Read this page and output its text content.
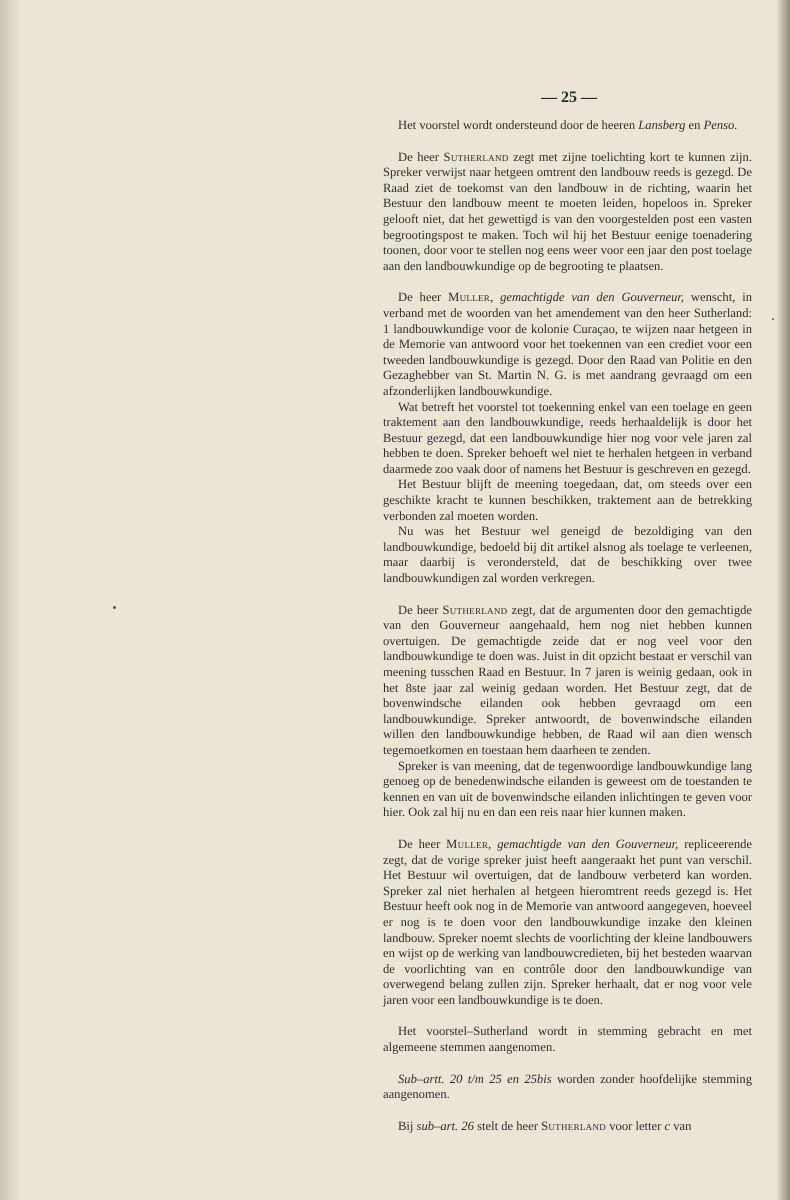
— 25 —

Het voorstel wordt ondersteund door de heeren Lansberg en Penso.

De heer Sutherland zegt met zijne toelichting kort te kunnen zijn. Spreker verwijst naar hetgeen omtrent den landbouw reeds is gezegd. De Raad ziet de toekomst van den landbouw in de richting, waarin het Bestuur den landbouw meent te moeten leiden, hopeloos in. Spreker gelooft niet, dat het gewettigd is van den voorgestelden post een vasten begrootingspost te maken. Toch wil hij het Bestuur eenige toenadering toonen, door voor te stellen nog eens weer voor een jaar den post toelage aan den landbouwkundige op de begrooting te plaatsen.

De heer Muller, gemachtigde van den Gouverneur, wenscht, in verband met de woorden van het amendement van den heer Sutherland: 1 landbouwkundige voor de kolonie Curaçao, te wijzen naar hetgeen in de Memorie van antwoord voor het toekennen van een crediet voor een tweeden landbouwkundige is gezegd. Door den Raad van Politie en den Gezaghebber van St. Martin N. G. is met aandrang gevraagd om een afzonderlijken landbouwkundige.

Wat betreft het voorstel tot toekenning enkel van een toelage en geen traktement aan den landbouwkundige, reeds herhaaldelijk is door het Bestuur gezegd, dat een landbouwkundige hier nog voor vele jaren zal hebben te doen. Spreker behoeft wel niet te herhalen hetgeen in verband daarmede zoo vaak door of namens het Bestuur is geschreven en gezegd.

Het Bestuur blijft de meening toegedaan, dat, om steeds over een geschikte kracht te kunnen beschikken, traktement aan de betrekking verbonden zal moeten worden.

Nu was het Bestuur wel geneigd de bezoldiging van den landbouwkundige, bedoeld bij dit artikel alsnog als toelage te verleenen, maar daarbij is verondersteld, dat de beschikking over twee landbouwkundigen zal worden verkregen.

De heer Sutherland zegt, dat de argumenten door den gemachtigde van den Gouverneur aangehaald, hem nog niet hebben kunnen overtuigen. De gemachtigde zeide dat er nog veel voor den landbouwkundige te doen was. Juist in dit opzicht bestaat er verschil van meening tusschen Raad en Bestuur. In 7 jaren is weinig gedaan, ook in het 8ste jaar zal weinig gedaan worden. Het Bestuur zegt, dat de bovenwindsche eilanden ook hebben gevraagd om een landbouwkundige. Spreker antwoordt, de bovenwindsche eilanden willen den landbouwkundige hebben, de Raad wil aan dien wensch tegemoetkomen en toestaan hem daarheen te zenden.

Spreker is van meening, dat de tegenwoordige landbouwkundige lang genoeg op de benedenwindsche eilanden is geweest om de toestanden te kennen en van uit de bovenwindsche eilanden inlichtingen te geven voor hier. Ook zal hij nu en dan een reis naar hier kunnen maken.

De heer Muller, gemachtigde van den Gouverneur, repliceerende zegt, dat de vorige spreker juist heeft aangeraakt het punt van verschil. Het Bestuur wil overtuigen, dat de landbouw verbeterd kan worden. Spreker zal niet herhalen al hetgeen hieromtrent reeds gezegd is. Het Bestuur heeft ook nog in de Memorie van antwoord aangegeven, hoeveel er nog is te doen voor den landbouwkundige inzake den kleinen landbouw. Spreker noemt slechts de voorlichting der kleine landbouwers en wijst op de werking van landbouwcredieten, bij het besteden waarvan de voorlichting van en contrôle door den landbouwkundige van overwegend belang zullen zijn. Spreker herhaalt, dat er nog voor vele jaren voor een landbouwkundige is te doen.

Het voorstel–Sutherland wordt in stemming gebracht en met algemeene stemmen aangenomen.

Sub–artt. 20 t/m 25 en 25bis worden zonder hoofdelijke stemming aangenomen.

Bij sub–art. 26 stelt de heer Sutherland voor letter c van
